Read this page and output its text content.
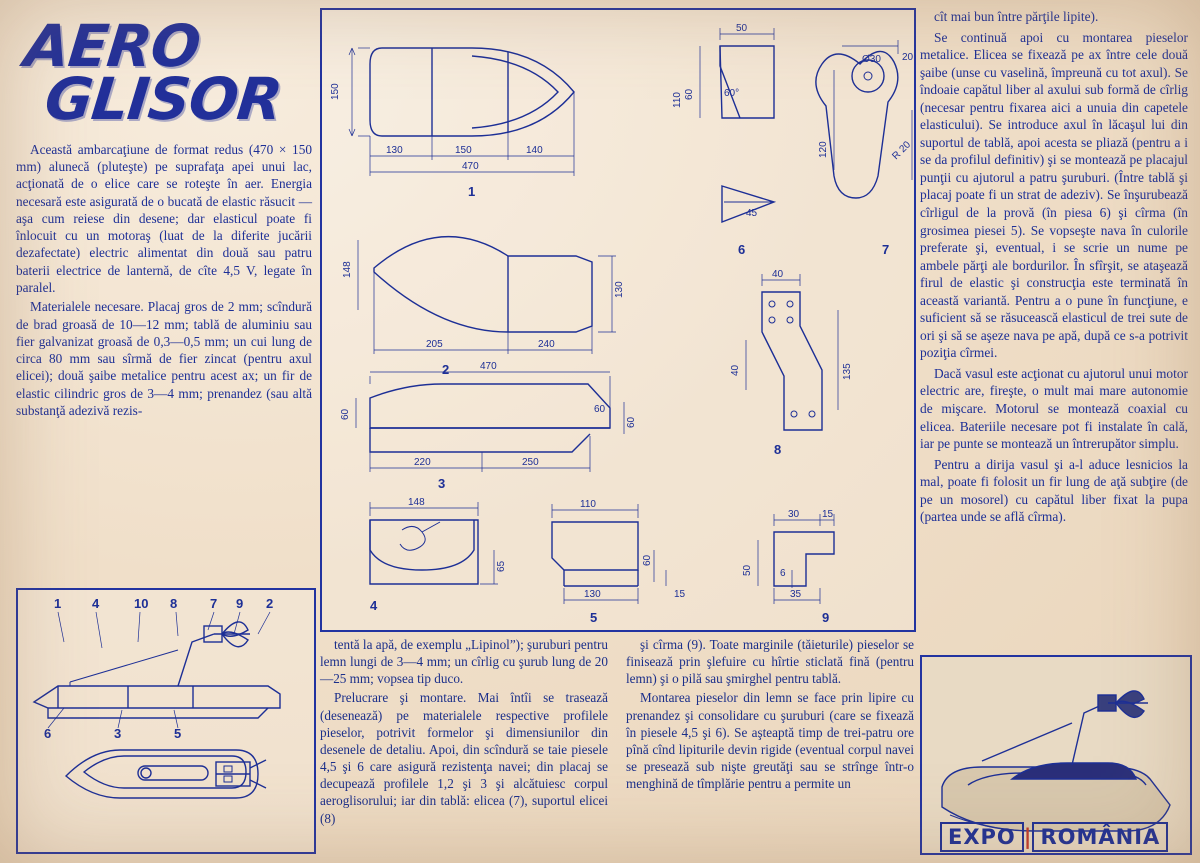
AERO
GLISOR

Această ambarcaţiune de format redus (470 × 150 mm) alunecă (pluteşte) pe suprafaţa apei unui lac, acţionată de o elice care se roteşte în aer. Energia necesară este asigurată de o bucată de elastic răsucit — aşa cum reiese din desene; dar elasticul poate fi înlocuit cu un motoraş (luat de la diferite jucării dezafectate) electric alimentat din două sau patru baterii electrice de lanternă, de cîte 4,5 V, legate în paralel.

Materialele necesare. Placaj gros de 2 mm; scîndură de brad groasă de 10—12 mm; tablă de aluminiu sau fier galvanizat groasă de 0,3—0,5 mm; un cui lung de circa 80 mm sau sîrmă de fier zincat (pentru axul elicei); două şaibe metalice pentru acest ax; un fir de elastic cilindric gros de 3—4 mm; prenandez (sau altă substanţă adezivă rezis-

1 4	10 8	7 9 2
6	3	5
150
130	150	140
470
1
205	240
130
148
2	470
60
60
60
220	250
3
148
65
4
110
130
60
15
5
50
60	60°
110
45
6
Ø30 20
120	R 20
7
40
135
40
8
30 15
50	6
35
9

tentă la apă, de exemplu „Lipinol”); şuruburi pentru lemn lungi de 3—4 mm; un cîrlig cu şurub lung de 20—25 mm; vopsea tip duco.

Prelucrare şi montare. Mai întîi se trasează (desenează) pe materialele respective profilele pieselor, potrivit formelor şi dimensiunilor din desenele de detaliu. Apoi, din scîndură se taie piesele 4,5 şi 6 care asigură rezistenţa navei; din placaj se decupează profilele 1,2 şi 3 şi alcătuiesc corpul aeroglisorului; iar din tablă: elicea (7), suportul elicei (8)

şi cîrma (9). Toate marginile (tăieturile) pieselor se finisează prin şlefuire cu hîrtie sticlată fină (pentru lemn) şi o pilă sau şmirghel pentru tablă.

Montarea pieselor din lemn se face prin lipire cu prenandez şi consolidare cu şuruburi (care se fixează în piesele 4,5 şi 6). Se aşteaptă timp de trei-patru ore pînă cînd lipiturile devin rigide (eventual corpul navei se presează sub nişte greutăţi sau se strînge într-o menghină de tîmplărie pentru a permite un

cît mai bun între părţile lipite).

Se continuă apoi cu montarea pieselor metalice. Elicea se fixează pe ax între cele două şaibe (unse cu vaselină, împreună cu tot axul). Se îndoaie capătul liber al axului sub formă de cîrlig (necesar pentru fixarea aici a unuia din capetele elasticului). Se introduce axul în lăcaşul lui din suportul de tablă, apoi acesta se pliază (pentru a i se da profilul definitiv) şi se montează pe placajul punţii cu ajutorul a patru şuruburi. (Între tablă şi placaj poate fi un strat de adeziv). Se înşurubează cîrligul de la provă (în piesa 6) şi cîrma (în grosimea piesei 5). Se vopseşte nava în culorile preferate şi, eventual, i se scrie un nume pe ambele părţi ale bordurilor. În sfîrşit, se ataşează firul de elastic şi construcţia este terminată în această variantă. Pentru a o pune în funcţiune, e suficient să se răsucească elasticul de trei sute de ori şi să se aşeze nava pe apă, după ce s-a potrivit poziţia cîrmei.

Dacă vasul este acţionat cu ajutorul unui motor electric are, fireşte, o mult mai mare autonomie de mişcare. Motorul se montează coaxial cu elicea. Bateriile necesare pot fi instalate în cală, iar pe punte se montează un întrerupător simplu.

Pentru a dirija vasul şi a-l aduce lesnicios la mal, poate fi folosit un fir lung de aţă subţire (de pe un mosorel) cu capătul liber fixat la pupa (partea unde se află cîrma).

EXPO | ROMÂNIA
